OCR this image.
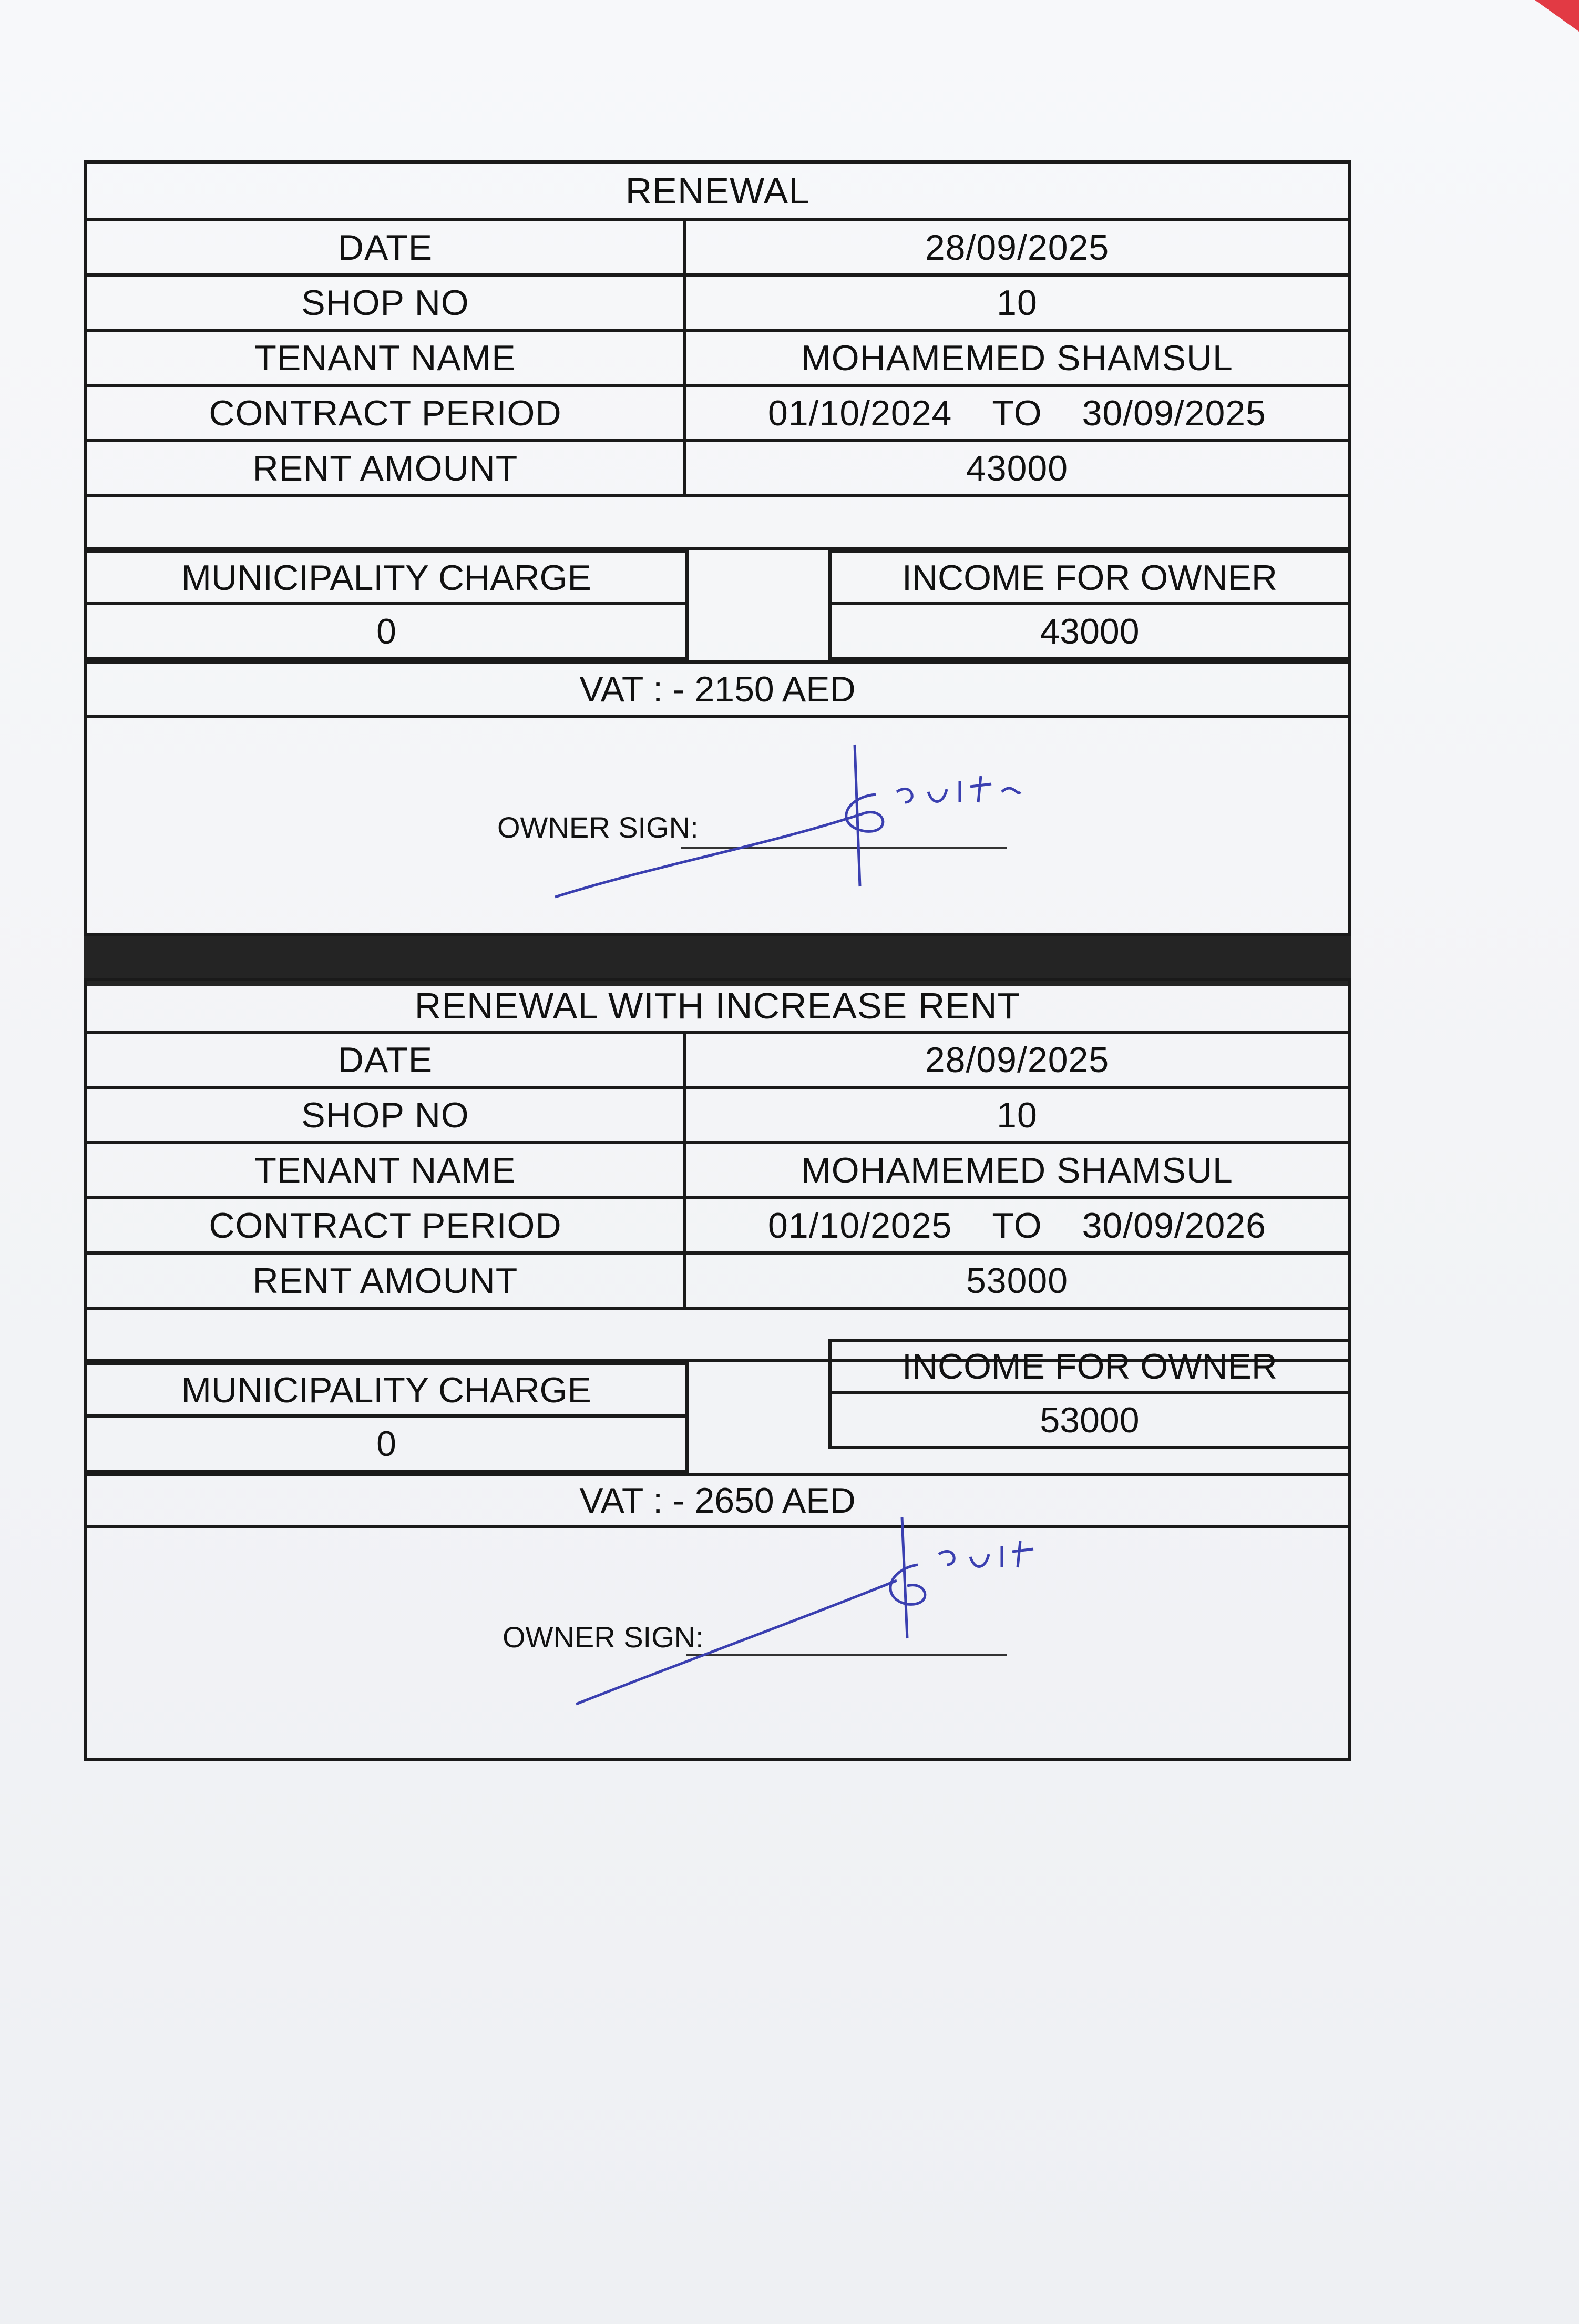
RENEWAL
DATE	28/09/2025
SHOP NO	10
TENANT NAME	MOHAMEMED SHAMSUL
CONTRACT PERIOD	01/10/2024 TO 30/09/2025
RENT AMOUNT	43000
MUNICIPALITY CHARGE
0
INCOME FOR OWNER
43000
VAT : - 2150 AED
OWNER SIGN:
RENEWAL WITH INCREASE RENT
DATE	28/09/2025
SHOP NO	10
TENANT NAME	MOHAMEMED SHAMSUL
CONTRACT PERIOD	01/10/2025 TO 30/09/2026
RENT AMOUNT	53000
MUNICIPALITY CHARGE
0
INCOME FOR OWNER
53000
VAT : - 2650 AED
OWNER SIGN:
